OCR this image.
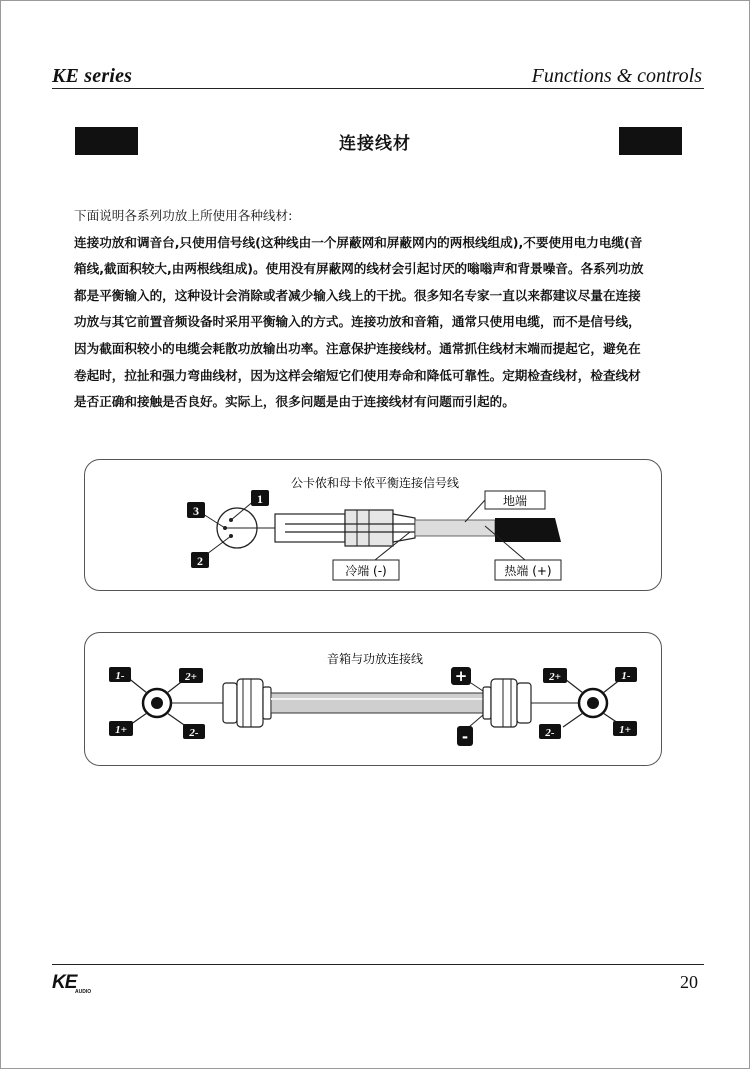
KE series	Functions & controls
连接线材

下面说明各系列功放上所使用各种线材:

连接功放和调音台,只使用信号线(这种线由一个屏蔽网和屏蔽网内的两根线组成),不要使用电力电缆(音

箱线,截面积较大,由两根线组成)。使用没有屏蔽网的线材会引起讨厌的嗡嗡声和背景噪音。各系列功放

都是平衡输入的，这种设计会消除或者减少输入线上的干扰。很多知名专家一直以来都建议尽量在连接

功放与其它前置音频设备时采用平衡输入的方式。连接功放和音箱，通常只使用电缆，而不是信号线，

因为截面积较小的电缆会耗散功放输出功率。注意保护连接线材。通常抓住线材末端而提起它，避免在

卷起时，拉扯和强力弯曲线材，因为这样会缩短它们使用寿命和降低可靠性。定期检查线材，检查线材

是否正确和接触是否良好。实际上，很多问题是由于连接线材有问题而引起的。

公卡侬和母卡侬平衡连接信号线
1
3
2
地端
冷端 (-)	热端 (+)
音箱与功放连接线
1-	2+
1+	2-
+
-
2+	1-
2-	1+
KE
AUDIO	20
